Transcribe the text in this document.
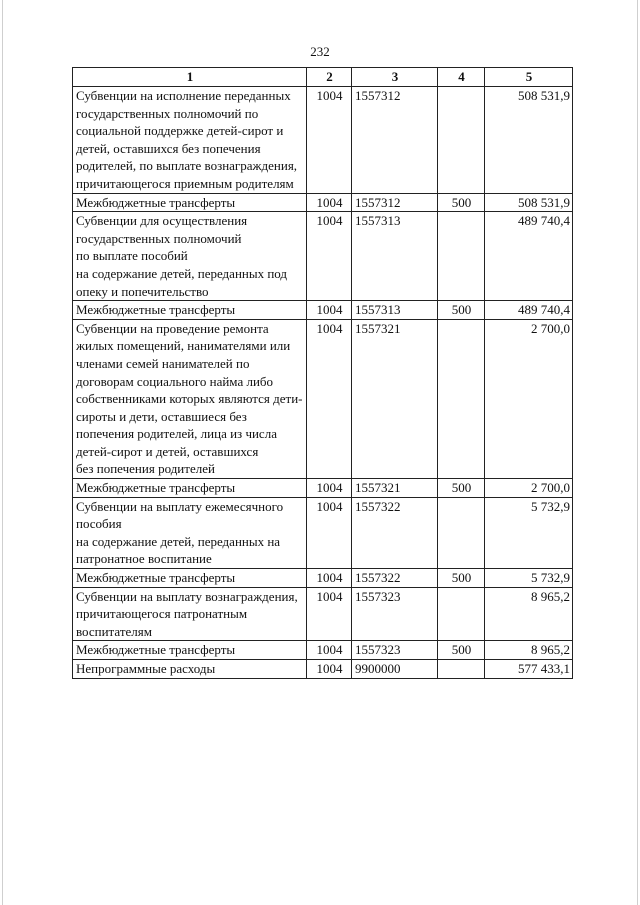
232
1	2	3	4	5
Субвенции на исполнение переданных государственных полномочий по социальной поддержке детей-сирот и детей, оставшихся без попечения родителей, по выплате вознаграждения, причитающегося приемным родителям	1004	1557312		508 531,9
Межбюджетные трансферты	1004	1557312	500	508 531,9
Субвенции для осуществления государственных полномочий
по выплате пособий
на содержание детей, переданных под опеку и попечительство	1004	1557313		489 740,4
Межбюджетные трансферты	1004	1557313	500	489 740,4
Субвенции на проведение ремонта жилых помещений, нанимателями или членами семей нанимателей по договорам социального найма либо собственниками которых являются дети-сироты и дети, оставшиеся без попечения родителей, лица из числа детей-сирот и детей, оставшихся
без попечения родителей	1004	1557321		2 700,0
Межбюджетные трансферты	1004	1557321	500	2 700,0
Субвенции на выплату ежемесячного пособия
на содержание детей, переданных на патронатное воспитание	1004	1557322		5 732,9
Межбюджетные трансферты	1004	1557322	500	5 732,9
Субвенции на выплату вознаграждения, причитающегося патронатным воспитателям	1004	1557323		8 965,2
Межбюджетные трансферты	1004	1557323	500	8 965,2
Непрограммные расходы	1004	9900000		577 433,1
